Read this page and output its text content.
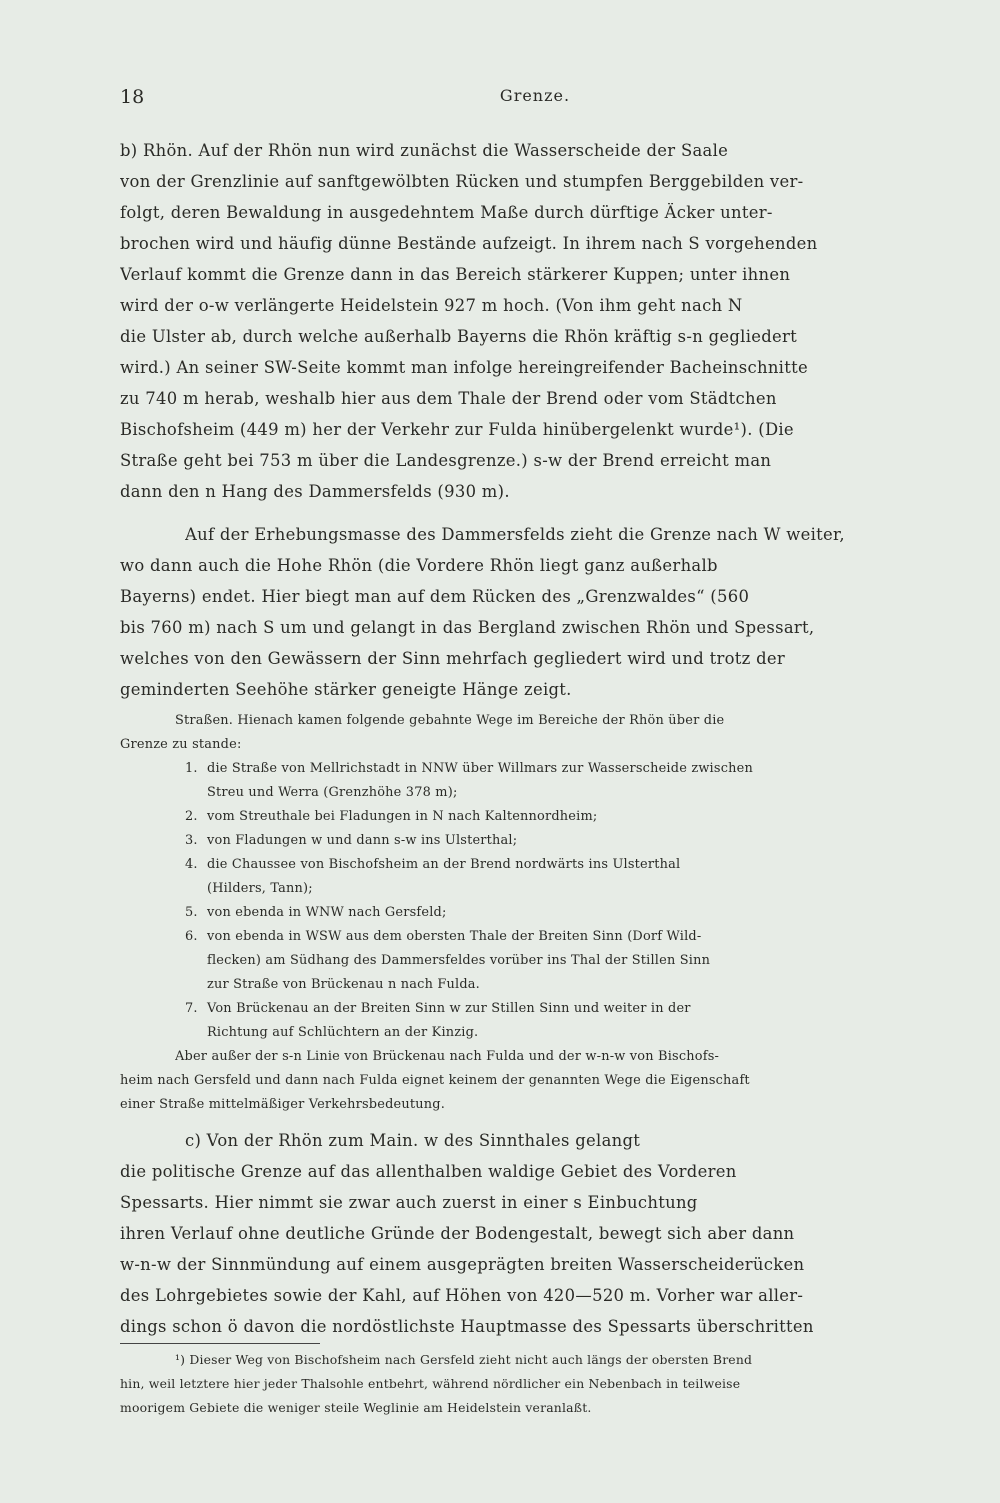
18	Grenze.
b) Rhön. Auf der Rhön nun wird zunächst die Wasserscheide der Saale
von der Grenzlinie auf sanftgewölbten Rücken und stumpfen Berggebilden ver-
folgt, deren Bewaldung in ausgedehntem Maße durch dürftige Äcker unter-
brochen wird und häufig dünne Bestände aufzeigt. In ihrem nach S vorgehenden
Verlauf kommt die Grenze dann in das Bereich stärkerer Kuppen; unter ihnen
wird der o-w verlängerte Heidelstein 927 m hoch. (Von ihm geht nach N
die Ulster ab, durch welche außerhalb Bayerns die Rhön kräftig s-n gegliedert
wird.) An seiner SW-Seite kommt man infolge hereingreifender Bacheinschnitte
zu 740 m herab, weshalb hier aus dem Thale der Brend oder vom Städtchen
Bischofsheim (449 m) her der Verkehr zur Fulda hinübergelenkt wurde¹). (Die
Straße geht bei 753 m über die Landesgrenze.) s-w der Brend erreicht man
dann den n Hang des Dammersfelds (930 m).
Auf der Erhebungsmasse des Dammersfelds zieht die Grenze nach W weiter,
wo dann auch die Hohe Rhön (die Vordere Rhön liegt ganz außerhalb
Bayerns) endet. Hier biegt man auf dem Rücken des „Grenzwaldes“ (560
bis 760 m) nach S um und gelangt in das Bergland zwischen Rhön und Spessart,
welches von den Gewässern der Sinn mehrfach gegliedert wird und trotz der
geminderten Seehöhe stärker geneigte Hänge zeigt.
Straßen. Hienach kamen folgende gebahnte Wege im Bereiche der Rhön über die
Grenze zu stande:
1. die Straße von Mellrichstadt in NNW über Willmars zur Wasserscheide zwischen
Streu und Werra (Grenzhöhe 378 m);
2. vom Streuthale bei Fladungen in N nach Kaltennordheim;
3. von Fladungen w und dann s-w ins Ulsterthal;
4. die Chaussee von Bischofsheim an der Brend nordwärts ins Ulsterthal
(Hilders, Tann);
5. von ebenda in WNW nach Gersfeld;
6. von ebenda in WSW aus dem obersten Thale der Breiten Sinn (Dorf Wild-
flecken) am Südhang des Dammersfeldes vorüber ins Thal der Stillen Sinn
zur Straße von Brückenau n nach Fulda.
7. Von Brückenau an der Breiten Sinn w zur Stillen Sinn und weiter in der
Richtung auf Schlüchtern an der Kinzig.
Aber außer der s-n Linie von Brückenau nach Fulda und der w-n-w von Bischofs-
heim nach Gersfeld und dann nach Fulda eignet keinem der genannten Wege die Eigenschaft
einer Straße mittelmäßiger Verkehrsbedeutung.
c) Von der Rhön zum Main. w des Sinnthales gelangt
die politische Grenze auf das allenthalben waldige Gebiet des Vorderen
Spessarts. Hier nimmt sie zwar auch zuerst in einer s Einbuchtung
ihren Verlauf ohne deutliche Gründe der Bodengestalt, bewegt sich aber dann
w-n-w der Sinnmündung auf einem ausgeprägten breiten Wasserscheiderücken
des Lohrgebietes sowie der Kahl, auf Höhen von 420—520 m. Vorher war aller-
dings schon ö davon die nordöstlichste Hauptmasse des Spessarts überschritten
¹) Dieser Weg von Bischofsheim nach Gersfeld zieht nicht auch längs der obersten Brend
hin, weil letztere hier jeder Thalsohle entbehrt, während nördlicher ein Nebenbach in teilweise
moorigem Gebiete die weniger steile Weglinie am Heidelstein veranlaßt.
